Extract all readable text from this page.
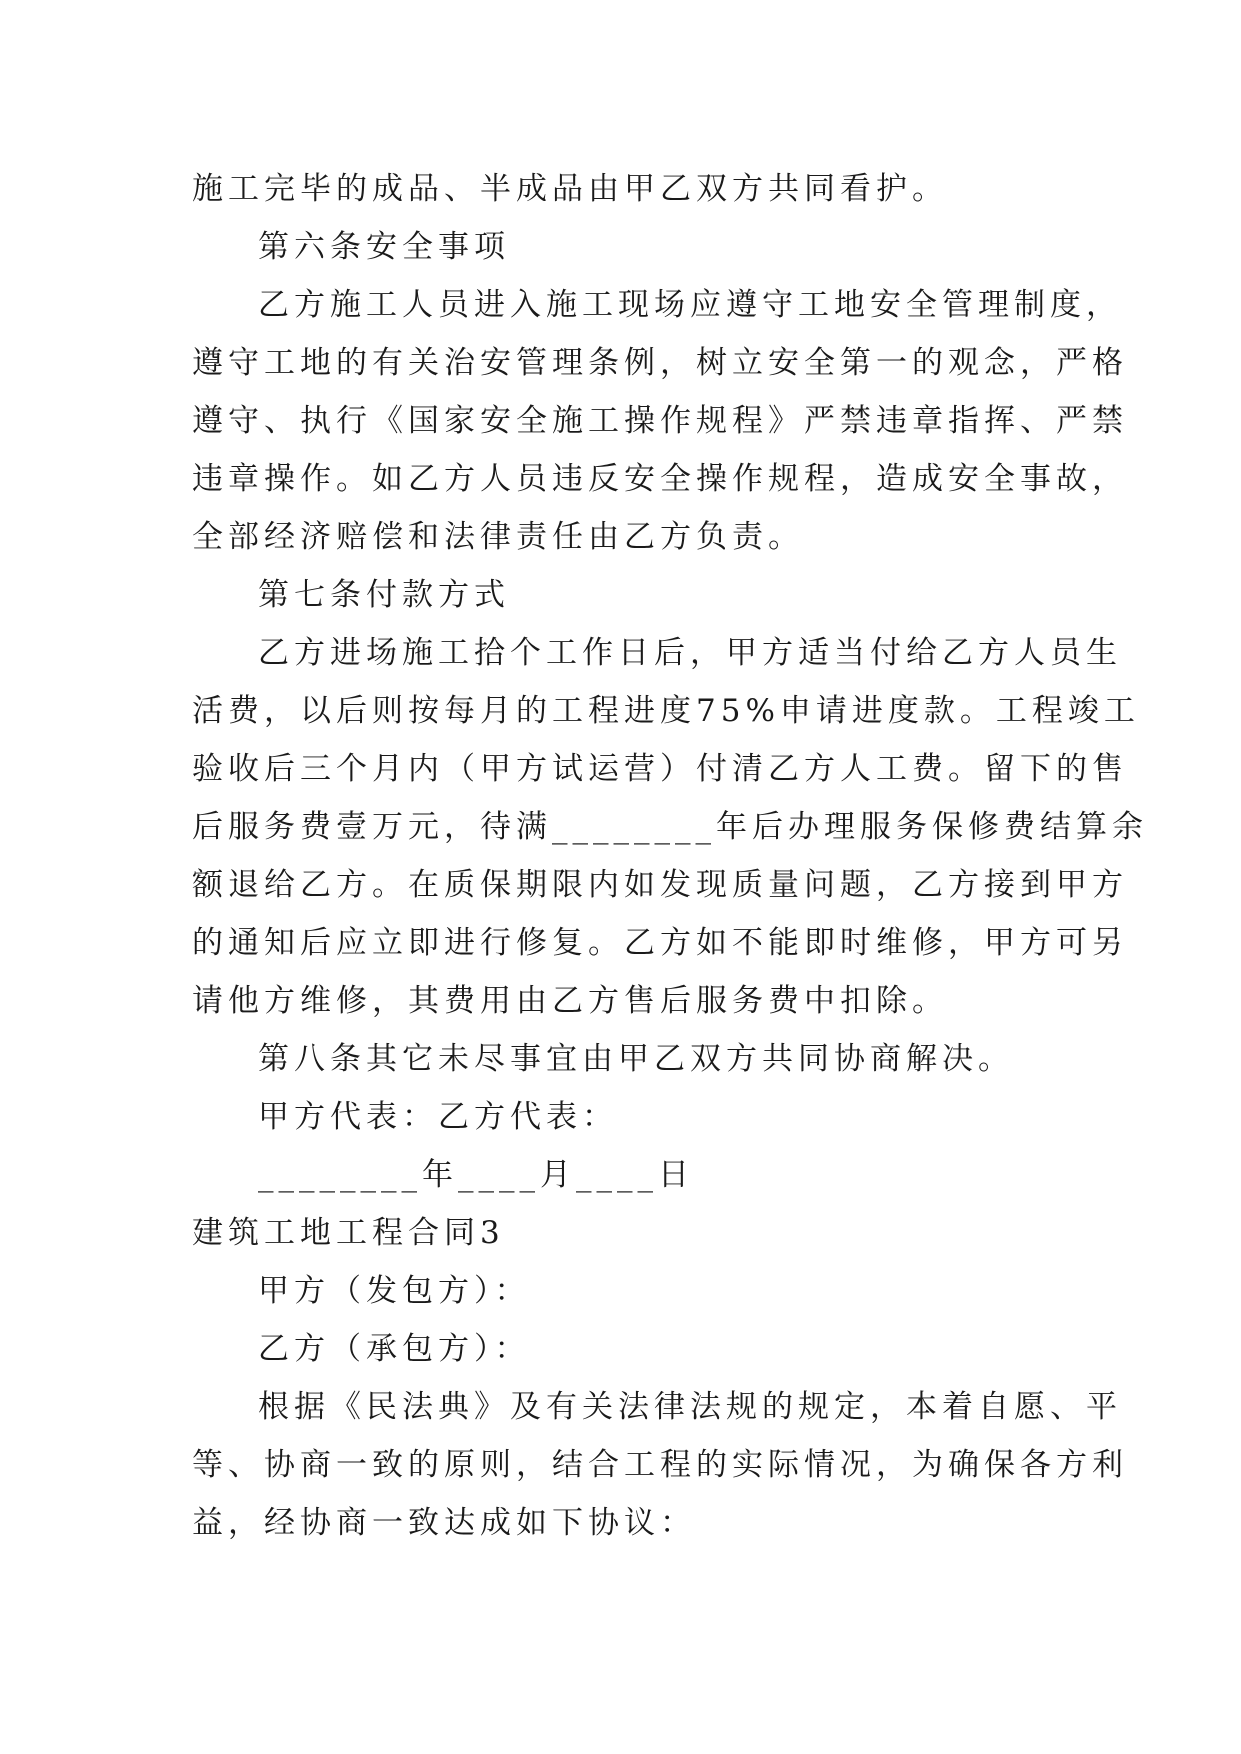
施工完毕的成品、半成品由甲乙双方共同看护。
第六条安全事项
乙方施工人员进入施工现场应遵守工地安全管理制度，
遵守工地的有关治安管理条例，树立安全第一的观念，严格
遵守、执行《国家安全施工操作规程》严禁违章指挥、严禁
违章操作。如乙方人员违反安全操作规程，造成安全事故，
全部经济赔偿和法律责任由乙方负责。
第七条付款方式
乙方进场施工拾个工作日后，甲方适当付给乙方人员生
活费，以后则按每月的工程进度75%申请进度款。工程竣工
验收后三个月内（甲方试运营）付清乙方人工费。留下的售
后服务费壹万元，待满________年后办理服务保修费结算余
额退给乙方。在质保期限内如发现质量问题，乙方接到甲方
的通知后应立即进行修复。乙方如不能即时维修，甲方可另
请他方维修，其费用由乙方售后服务费中扣除。
第八条其它未尽事宜由甲乙双方共同协商解决。
甲方代表：乙方代表：
________年____月____日
建筑工地工程合同3
甲方（发包方）：
乙方（承包方）：
根据《民法典》及有关法律法规的规定，本着自愿、平
等、协商一致的原则，结合工程的实际情况，为确保各方利
益，经协商一致达成如下协议：
